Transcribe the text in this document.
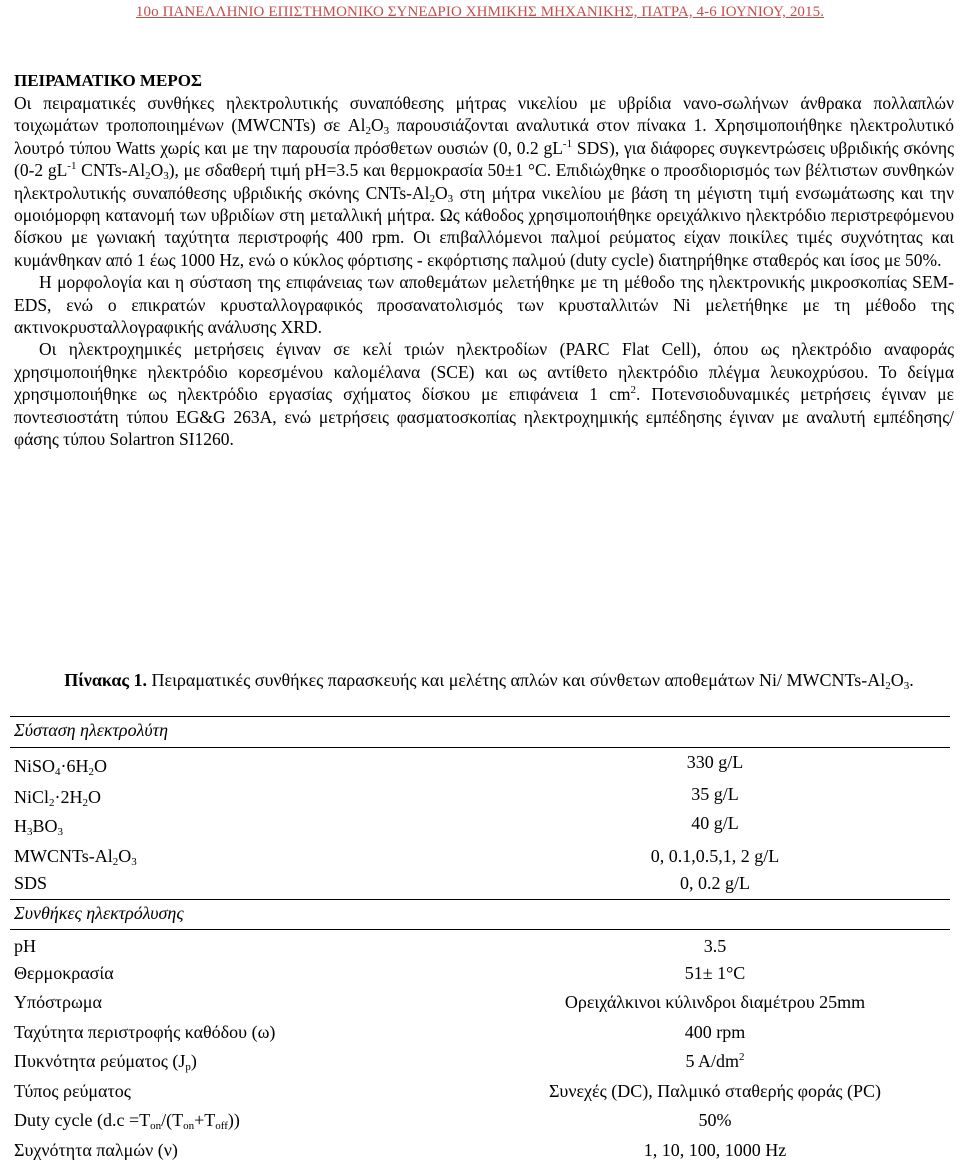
10ο ΠΑΝΕΛΛΗΝΙΟ ΕΠΙΣΤΗΜΟΝΙΚΟ ΣΥΝΕΔΡΙΟ ΧΗΜΙΚΗΣ ΜΗΧΑΝΙΚΗΣ, ΠΑΤΡΑ, 4-6 ΙΟΥΝΙΟΥ, 2015.

ΠΕΙΡΑΜΑΤΙΚΟ ΜΕΡΟΣ

Οι πειραματικές συνθήκες ηλεκτρολυτικής συναπόθεσης μήτρας νικελίου με υβρίδια νανο-σωλήνων άνθρακα πολλαπλών τοιχωμάτων τροποποιημένων (MWCNTs) σε $Al_2O_3$ παρουσιάζονται αναλυτικά στον πίνακα 1. Χρησιμοποιήθηκε ηλεκτρολυτικό λουτρό τύπου Watts χωρίς και με την παρουσία πρόσθετων ουσιών (0, 0.2 $gL^{-1}$ SDS), για διάφορες συγκεντρώσεις υβριδικής σκόνης (0-2 $gL^{-1}$ CNTs-$Al_2O_3$), με σδαθερή τιμή pH=3.5 και θερμοκρασία 50±1 °C. Επιδιώχθηκε ο προσδιορισμός των βέλτιστων συνθηκών ηλεκτρολυτικής συναπόθεσης υβριδικής σκόνης CNTs-$Al_2O_3$ στη μήτρα νικελίου με βάση τη μέγιστη τιμή ενσωμάτωσης και την ομοιόμορφη κατανομή των υβριδίων στη μεταλλική μήτρα. Ως κάθοδος χρησιμοποιήθηκε ορειχάλκινο ηλεκτρόδιο περιστρεφόμενου δίσκου με γωνιακή ταχύτητα περιστροφής 400 rpm. Οι επιβαλλόμενοι παλμοί ρεύματος είχαν ποικίλες τιμές συχνότητας και κυμάνθηκαν από 1 έως 1000 Hz, ενώ ο κύκλος φόρτισης - εκφόρτισης παλμού (duty cycle) διατηρήθηκε σταθερός και ίσος με 50%.

Η μορφολογία και η σύσταση της επιφάνειας των αποθεμάτων μελετήθηκε με τη μέθοδο της ηλεκτρονικής μικροσκοπίας SEM-EDS, ενώ ο επικρατών κρυσταλλογραφικός προσανατολισμός των κρυσταλλιτών Ni μελετήθηκε με τη μέθοδο της ακτινοκρυσταλλογραφικής ανάλυσης XRD.

Οι ηλεκτροχημικές μετρήσεις έγιναν σε κελί τριών ηλεκτροδίων (PARC Flat Cell), όπου ως ηλεκτρόδιο αναφοράς χρησιμοποιήθηκε ηλεκτρόδιο κορεσμένου καλομέλανα (SCE) και ως αντίθετο ηλεκτρόδιο πλέγμα λευκοχρύσου. Το δείγμα χρησιμοποιήθηκε ως ηλεκτρόδιο εργασίας σχήματος δίσκου με επιφάνεια 1 $cm^2$. Ποτενσιοδυναμικές μετρήσεις έγιναν με ποντεσιοστάτη τύπου EG&G 263A, ενώ μετρήσεις φασματοσκοπίας ηλεκτροχημικής εμπέδησης έγιναν με αναλυτή εμπέδησης/φάσης τύπου Solartron SI1260.

Πίνακας 1. Πειραματικές συνθήκες παρασκευής και μελέτης απλών και σύνθετων αποθεμάτων Ni/ MWCNTs-$Al_2O_3$.
Σύσταση ηλεκτρολύτη
$NiSO_4\cdot 6H_2O$	330 g/L
$NiCl_2\cdot 2H_2O$	35 g/L
$H_3BO_3$	40 g/L
MWCNTs-$Al_2O_3$	0, 0.1,0.5,1, 2 g/L
SDS	0, 0.2 g/L
Συνθήκες ηλεκτρόλυσης
pH	3.5
Θερμοκρασία	51± 1°C
Υπόστρωμα	Ορειχάλκινοι κύλινδροι διαμέτρου 25mm
Ταχύτητα περιστροφής καθόδου (ω)	400 rpm
Πυκνότητα ρεύματος $(J_p)$	5 $A/dm^2$
Τύπος ρεύματος	Συνεχές (DC), Παλμικό σταθερής φοράς (PC)
Duty cycle $(d.c =T_{on}/(T_{on}+T_{off}))$	50%
Συχνότητα παλμών (ν)	1, 10, 100, 1000 Hz
